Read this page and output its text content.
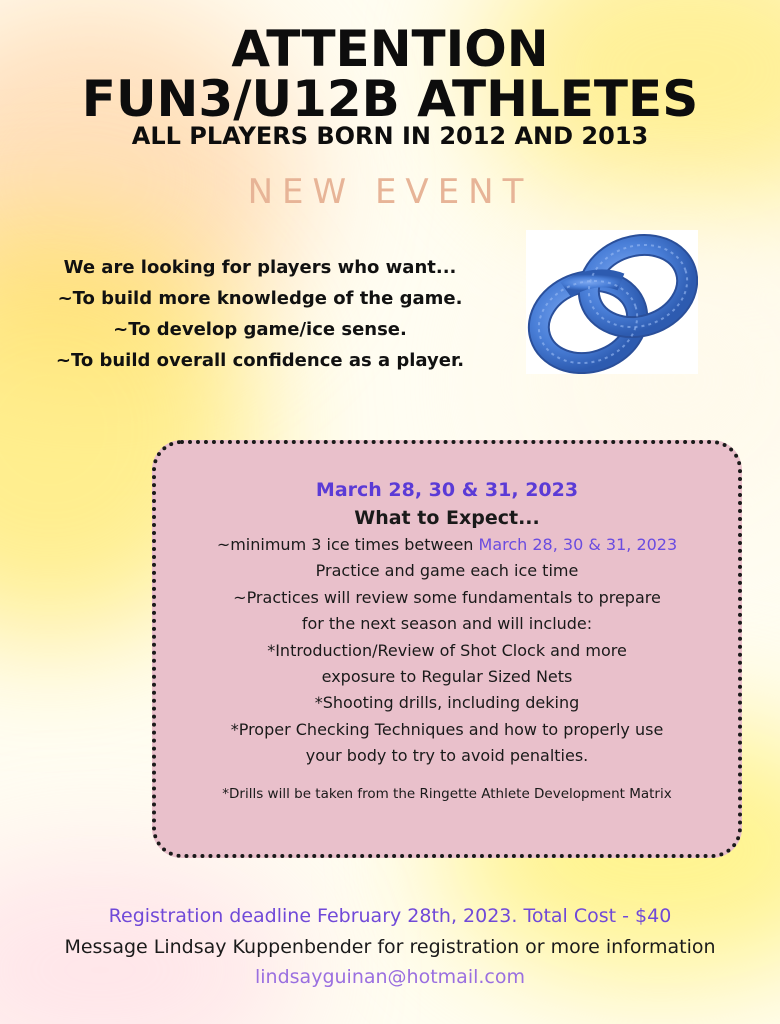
ATTENTION
FUN3/U12B ATHLETES
ALL PLAYERS BORN IN 2012 AND 2013
NEW EVENT
We are looking for players who want...
~To build more knowledge of the game.
~To develop game/ice sense.
~To build overall confidence as a player.
March 28, 30 & 31, 2023
What to Expect...
~minimum 3 ice times between March 28, 30 & 31, 2023
Practice and game each ice time
~Practices will review some fundamentals to prepare
for the next season and will include:
*Introduction/Review of Shot Clock and more
exposure to Regular Sized Nets
*Shooting drills, including deking
*Proper Checking Techniques and how to properly use
your body to try to avoid penalties.
*Drills will be taken from the Ringette Athlete Development Matrix
Registration deadline February 28th, 2023. Total Cost - $40
Message Lindsay Kuppenbender for registration or more information
lindsayguinan@hotmail.com
